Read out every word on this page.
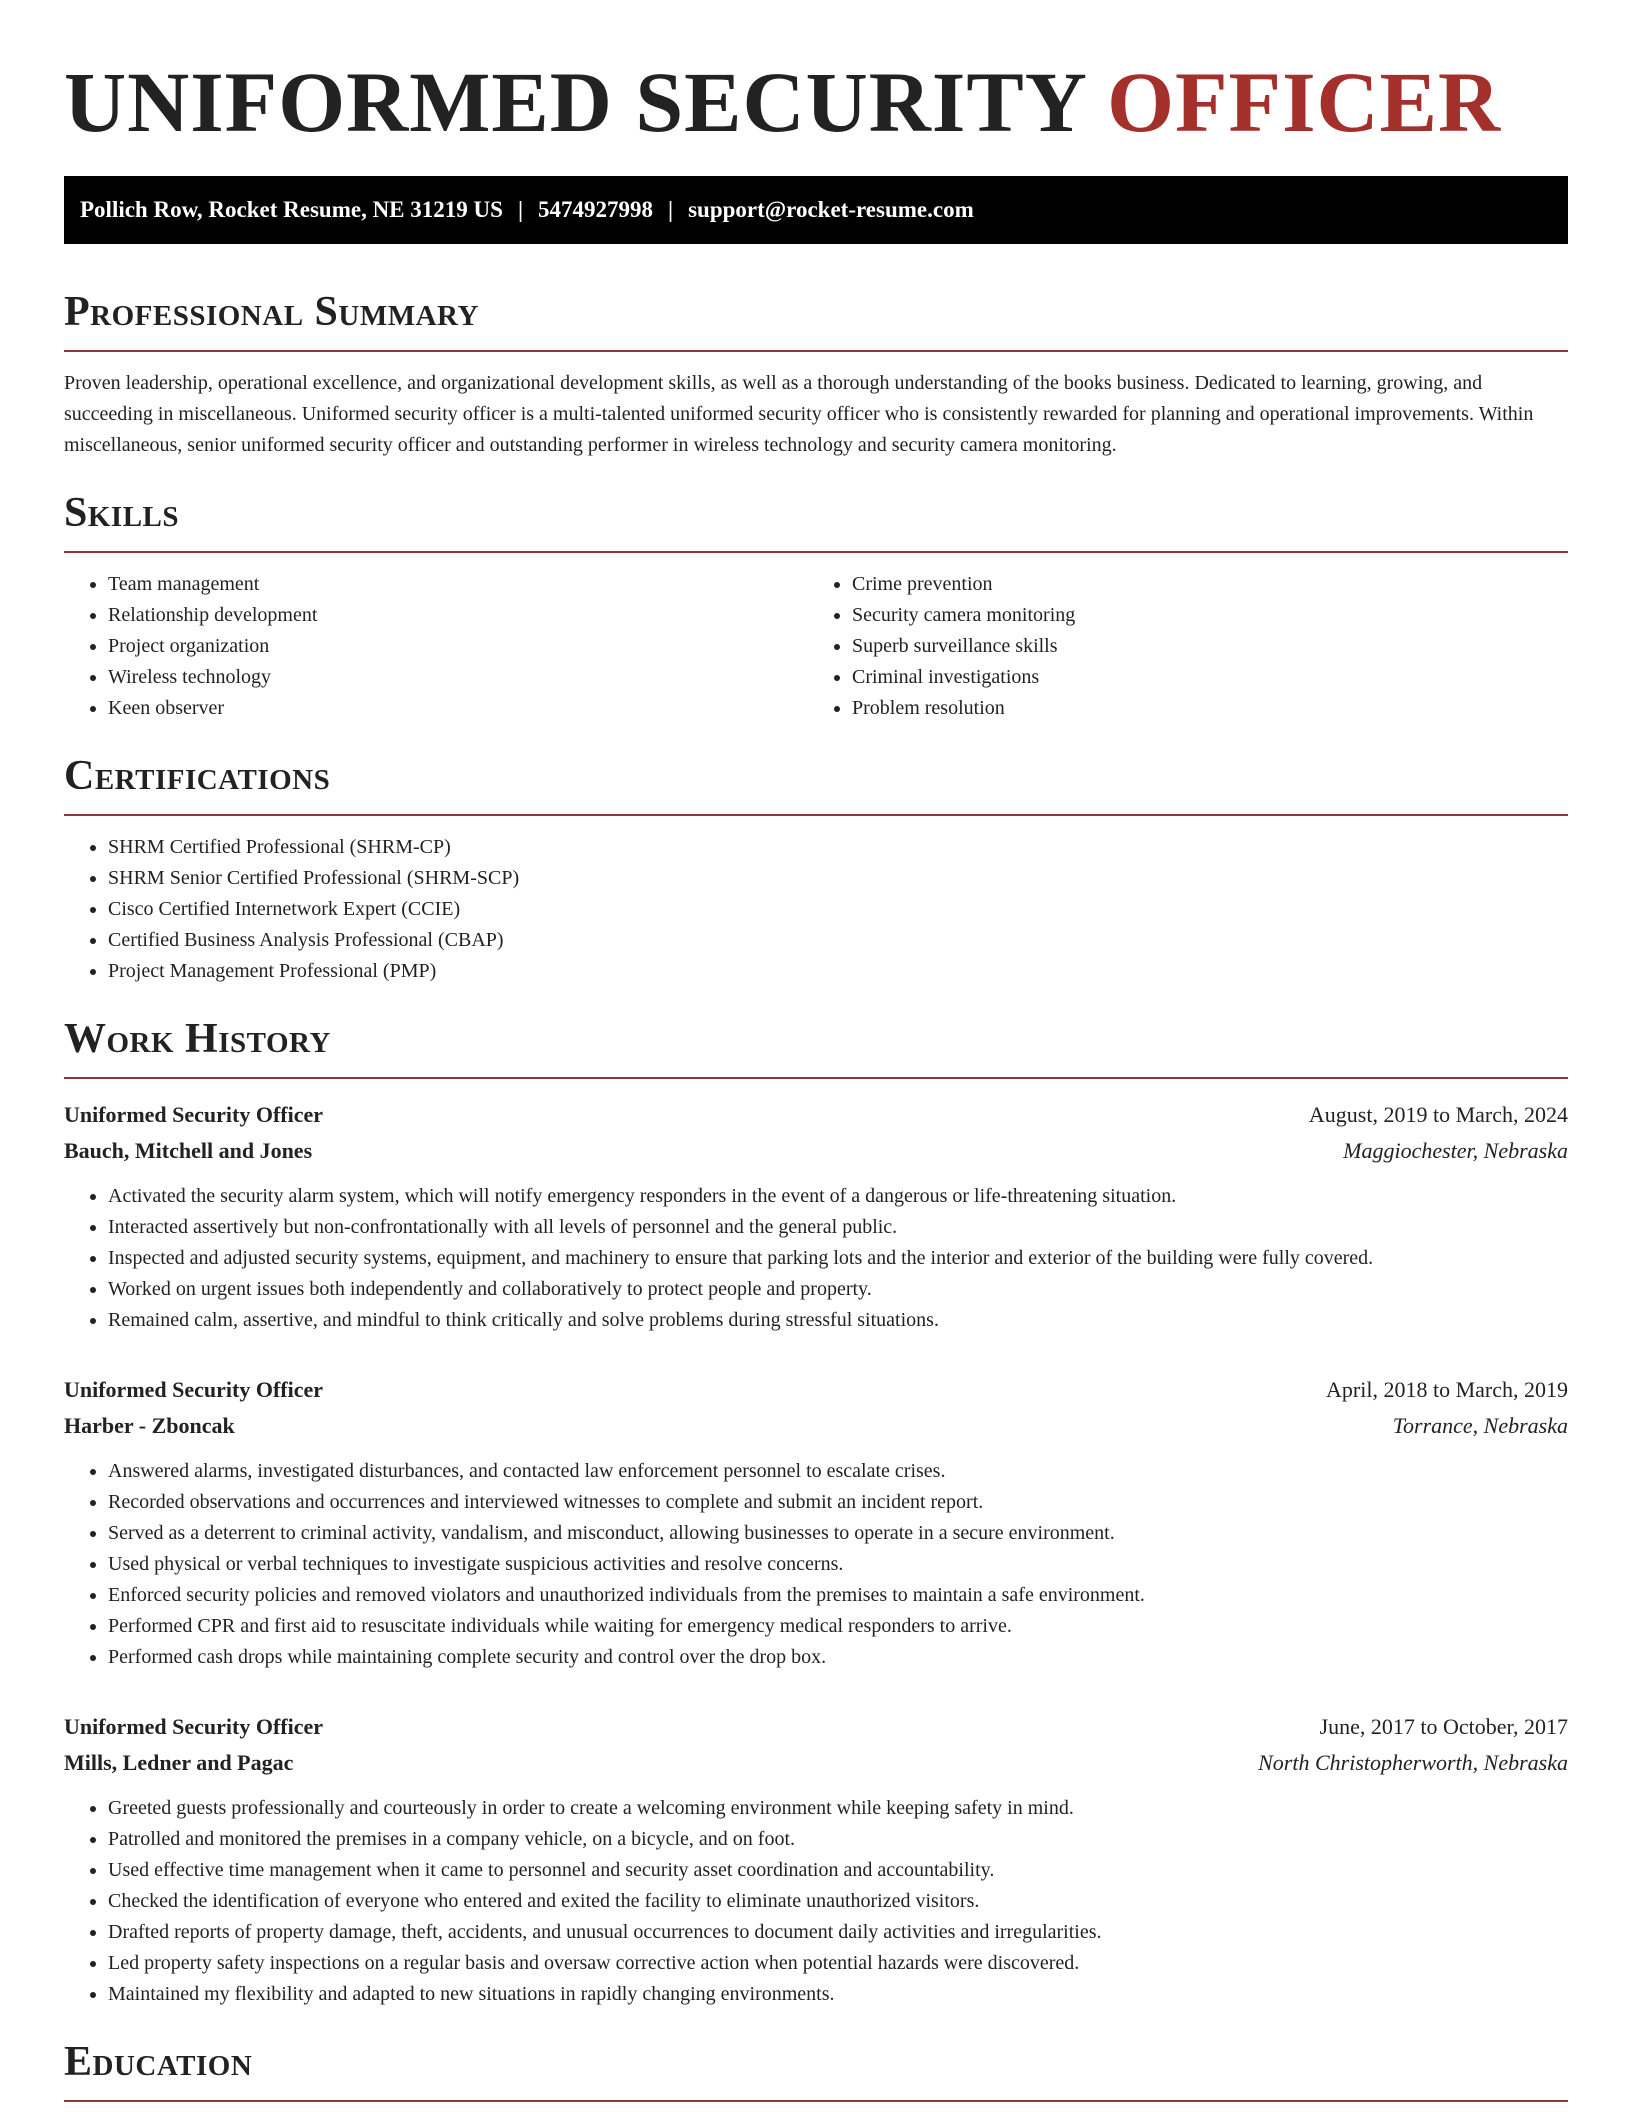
UNIFORMED SECURITY OFFICER
Pollich Row, Rocket Resume, NE 31219 US | 5474927998 | support@rocket-resume.com
Professional Summary

Proven leadership, operational excellence, and organizational development skills, as well as a thorough understanding of the books business. Dedicated to learning, growing, and succeeding in miscellaneous. Uniformed security officer is a multi-talented uniformed security officer who is consistently rewarded for planning and operational improvements. Within miscellaneous, senior uniformed security officer and outstanding performer in wireless technology and security camera monitoring.

Skills
• Team management
• Relationship development
• Project organization
• Wireless technology
• Keen observer
• Crime prevention
• Security camera monitoring
• Superb surveillance skills
• Criminal investigations
• Problem resolution
Certifications
• SHRM Certified Professional (SHRM-CP)
• SHRM Senior Certified Professional (SHRM-SCP)
• Cisco Certified Internetwork Expert (CCIE)
• Certified Business Analysis Professional (CBAP)
• Project Management Professional (PMP)
Work History
Uniformed Security Officer	August, 2019 to March, 2024
Bauch, Mitchell and Jones	Maggiochester, Nebraska
• Activated the security alarm system, which will notify emergency responders in the event of a dangerous or life-threatening situation.
• Interacted assertively but non-confrontationally with all levels of personnel and the general public.
• Inspected and adjusted security systems, equipment, and machinery to ensure that parking lots and the interior and exterior of the building were fully covered.
• Worked on urgent issues both independently and collaboratively to protect people and property.
• Remained calm, assertive, and mindful to think critically and solve problems during stressful situations.
Uniformed Security Officer	April, 2018 to March, 2019
Harber - Zboncak	Torrance, Nebraska
• Answered alarms, investigated disturbances, and contacted law enforcement personnel to escalate crises.
• Recorded observations and occurrences and interviewed witnesses to complete and submit an incident report.
• Served as a deterrent to criminal activity, vandalism, and misconduct, allowing businesses to operate in a secure environment.
• Used physical or verbal techniques to investigate suspicious activities and resolve concerns.
• Enforced security policies and removed violators and unauthorized individuals from the premises to maintain a safe environment.
• Performed CPR and first aid to resuscitate individuals while waiting for emergency medical responders to arrive.
• Performed cash drops while maintaining complete security and control over the drop box.
Uniformed Security Officer	June, 2017 to October, 2017
Mills, Ledner and Pagac	North Christopherworth, Nebraska
• Greeted guests professionally and courteously in order to create a welcoming environment while keeping safety in mind.
• Patrolled and monitored the premises in a company vehicle, on a bicycle, and on foot.
• Used effective time management when it came to personnel and security asset coordination and accountability.
• Checked the identification of everyone who entered and exited the facility to eliminate unauthorized visitors.
• Drafted reports of property damage, theft, accidents, and unusual occurrences to document daily activities and irregularities.
• Led property safety inspections on a regular basis and oversaw corrective action when potential hazards were discovered.
• Maintained my flexibility and adapted to new situations in rapidly changing environments.
Education
